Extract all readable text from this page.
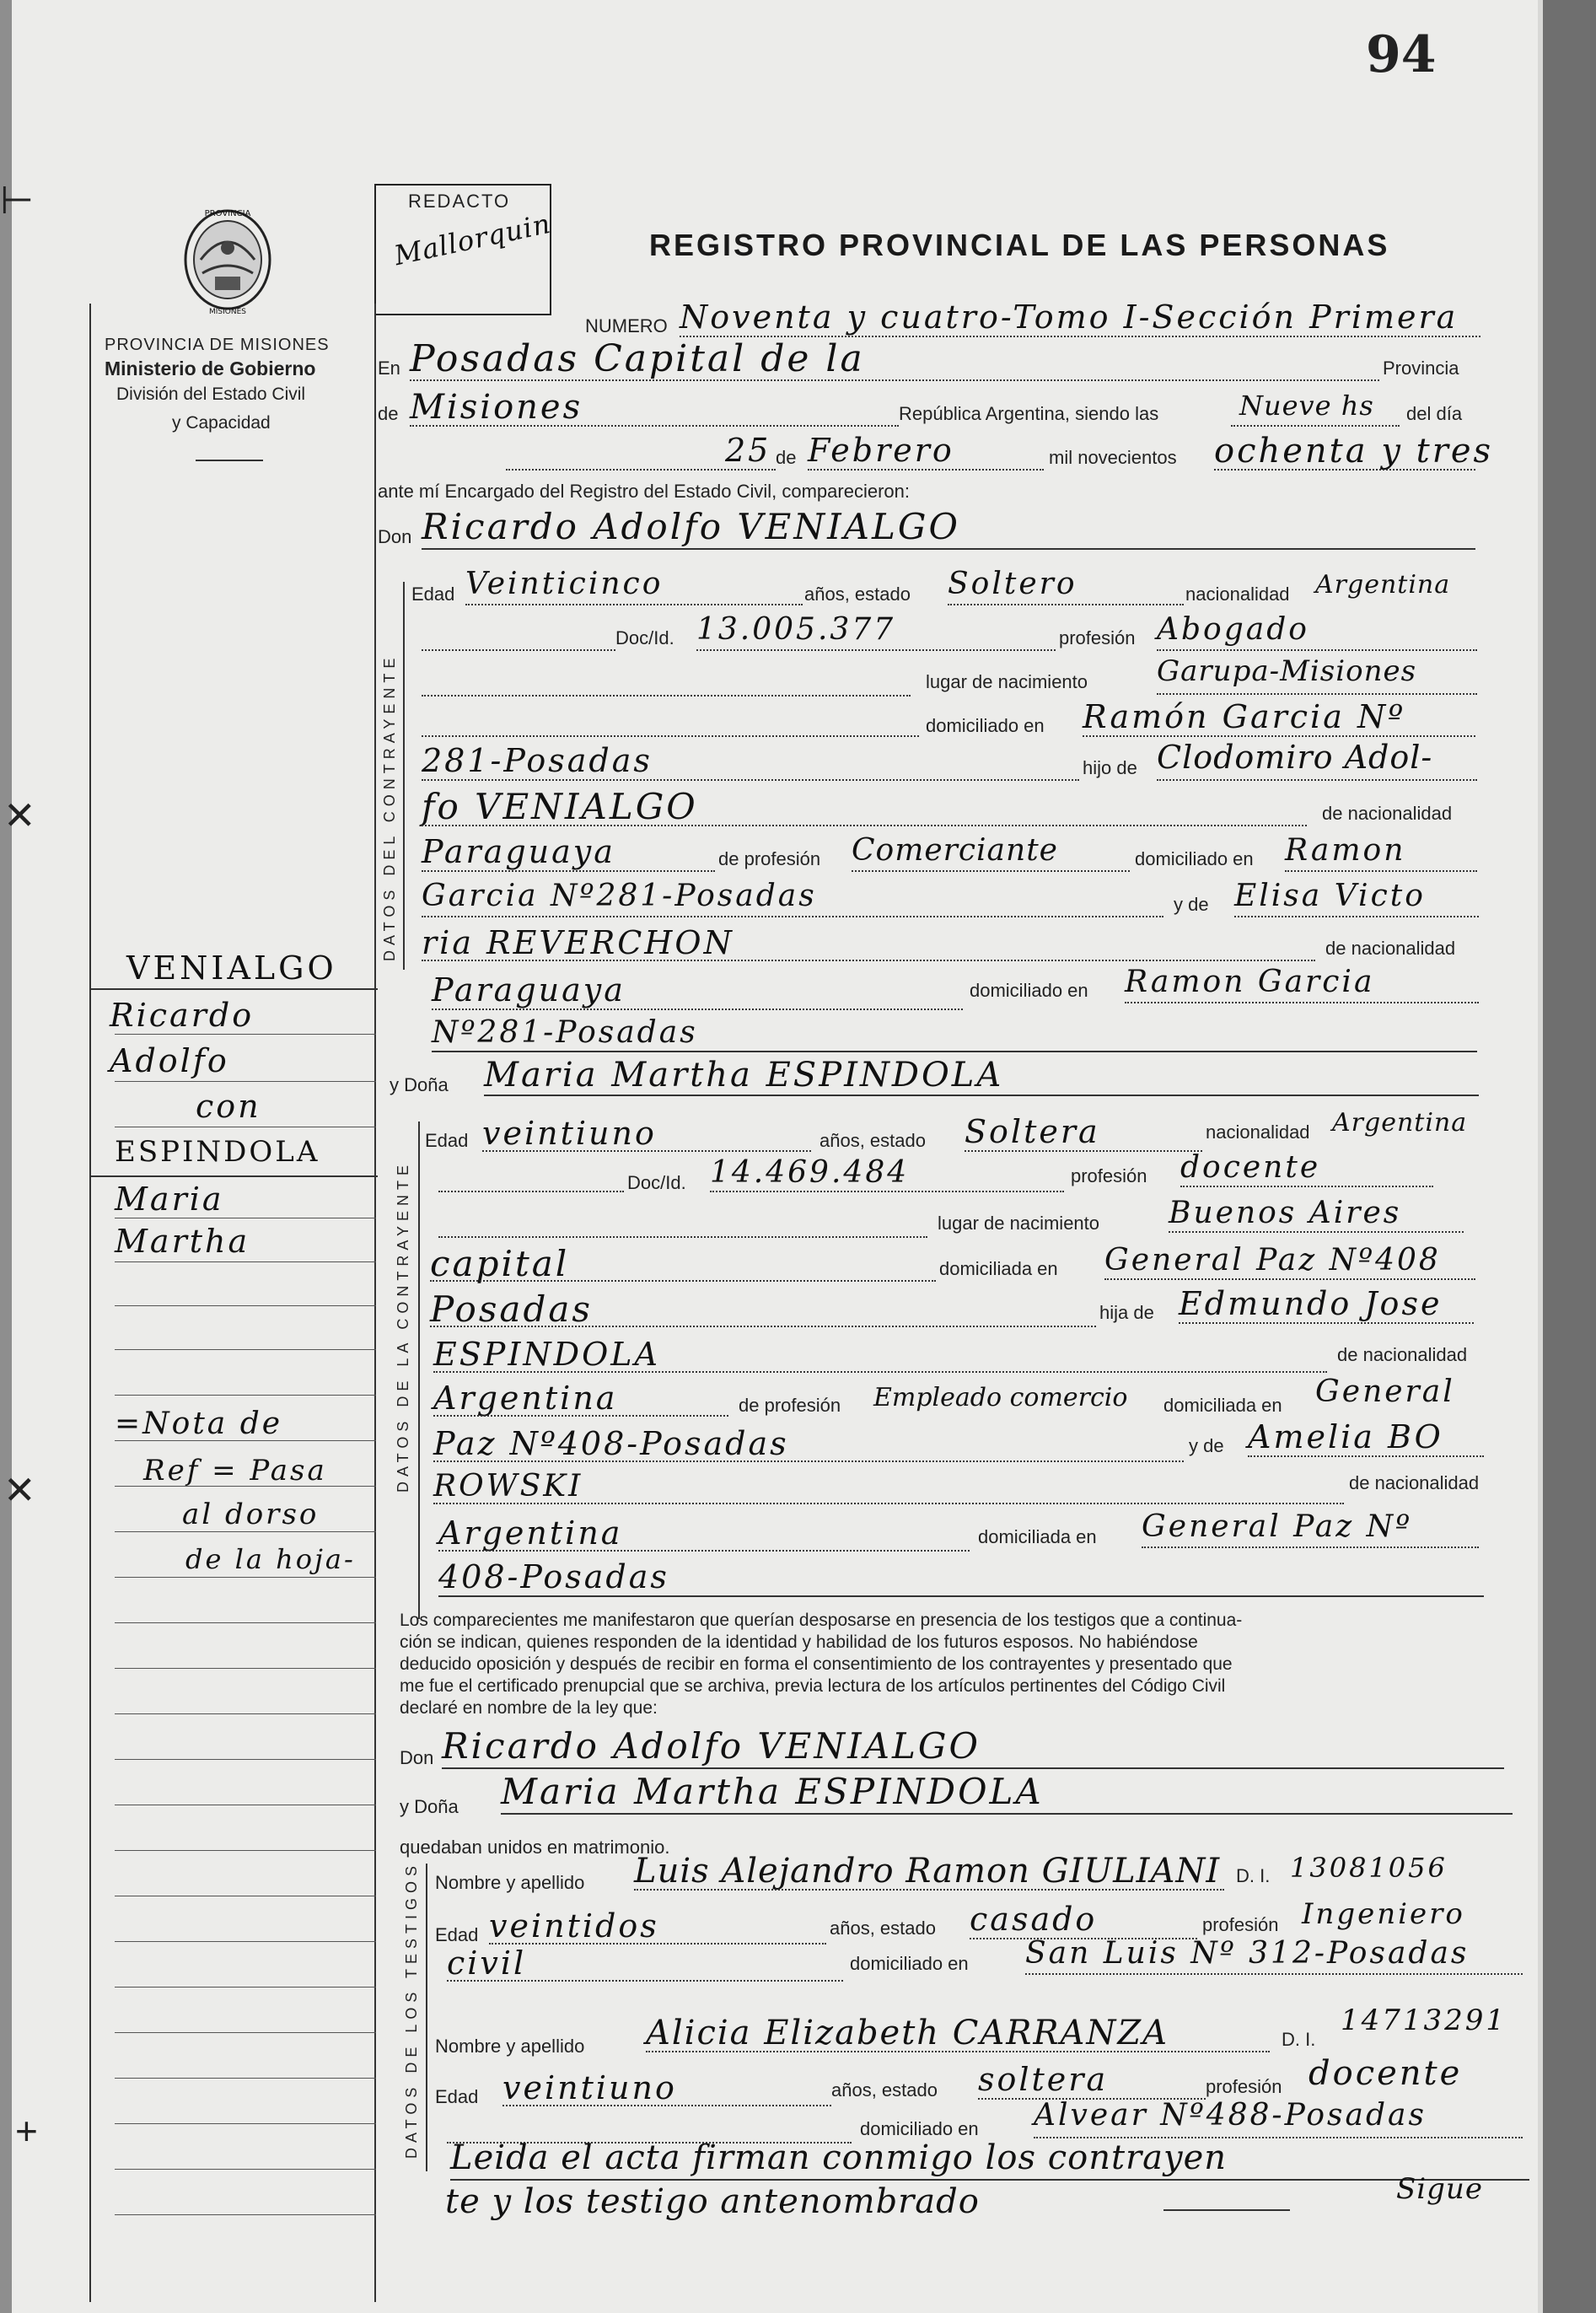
94
⊢
✕
✕
+
PROVINCIA
MISIONES
PROVINCIA DE MISIONES
Ministerio de Gobierno
División del Estado Civil
y Capacidad
REDACTO
Mallorquin	REGISTRO PROVINCIAL DE LAS PERSONAS
NUMERO Noventa y cuatro-Tomo I-Sección Primera
En Posadas Capital de la	Provincia
de Misiones	República Argentina, siendo las	Nueve hs del día
25 de Febrero	mil novecientos ochenta y tres
ante mí Encargado del Registro del Estado Civil, comparecieron:
Don Ricardo Adolfo VENIALGO
DATOS DEL CONTRAYENTE
Edad Veinticinco	años, estado Soltero	nacionalidad Argentina
Doc/Id. 13.005.377	profesión Abogado
lugar de nacimiento Garupa-Misiones
domiciliado en Ramón Garcia Nº
281-Posadas	hijo de Clodomiro Adol-
fo VENIALGO	de nacionalidad
Paraguaya	de profesión Comerciante	domiciliado en Ramon
Garcia Nº281-Posadas	y de Elisa Victo
ria REVERCHON	de nacionalidad
Paraguaya	domiciliado en Ramon Garcia
Nº281-Posadas
y Doña Maria Martha ESPINDOLA
DATOS DE LA CONTRAYENTE
Edad veintiuno	años, estado Soltera	nacionalidad Argentina
Doc/Id. 14.469.484	profesión docente
lugar de nacimiento Buenos Aires
capital	domiciliada en General Paz Nº408
Posadas	hija de Edmundo Jose
ESPINDOLA	de nacionalidad
Argentina	de profesión Empleado comercio domiciliada en General
Paz Nº408-Posadas	y de Amelia BO
ROWSKI	de nacionalidad
Argentina	domiciliada en General Paz Nº
408-Posadas
Los comparecientes me manifestaron que querían desposarse en presencia de los testigos que a continua-
ción se indican, quienes responden de la identidad y habilidad de los futuros esposos. No habiéndose
deducido oposición y después de recibir en forma el consentimiento de los contrayentes y presentado que
me fue el certificado prenupcial que se archiva, previa lectura de los artículos pertinentes del Código Civil
declaré en nombre de la ley que:
Don Ricardo Adolfo VENIALGO
y Doña Maria Martha ESPINDOLA
quedaban unidos en matrimonio.
DATOS DE LOS TESTIGOS Nombre y apellido Luis Alejandro Ramon GIULIANI D. I. 13081056
Edad veintidos	años, estado casado	profesión Ingeniero
civil	domiciliado en San Luis Nº 312-Posadas
Nombre y apellido Alicia Elizabeth CARRANZA	D. I.
14713291
Edad veintiuno	años, estado soltera	profesión docente
domiciliado en Alvear Nº488-Posadas
Leida el acta firman conmigo los contrayen
te y los testigo antenombrado	Sigue
VENIALGO
Ricardo
Adolfo
con
ESPINDOLA
Maria
Martha
=Nota de
Ref = Pasa
al dorso
de la hoja-
